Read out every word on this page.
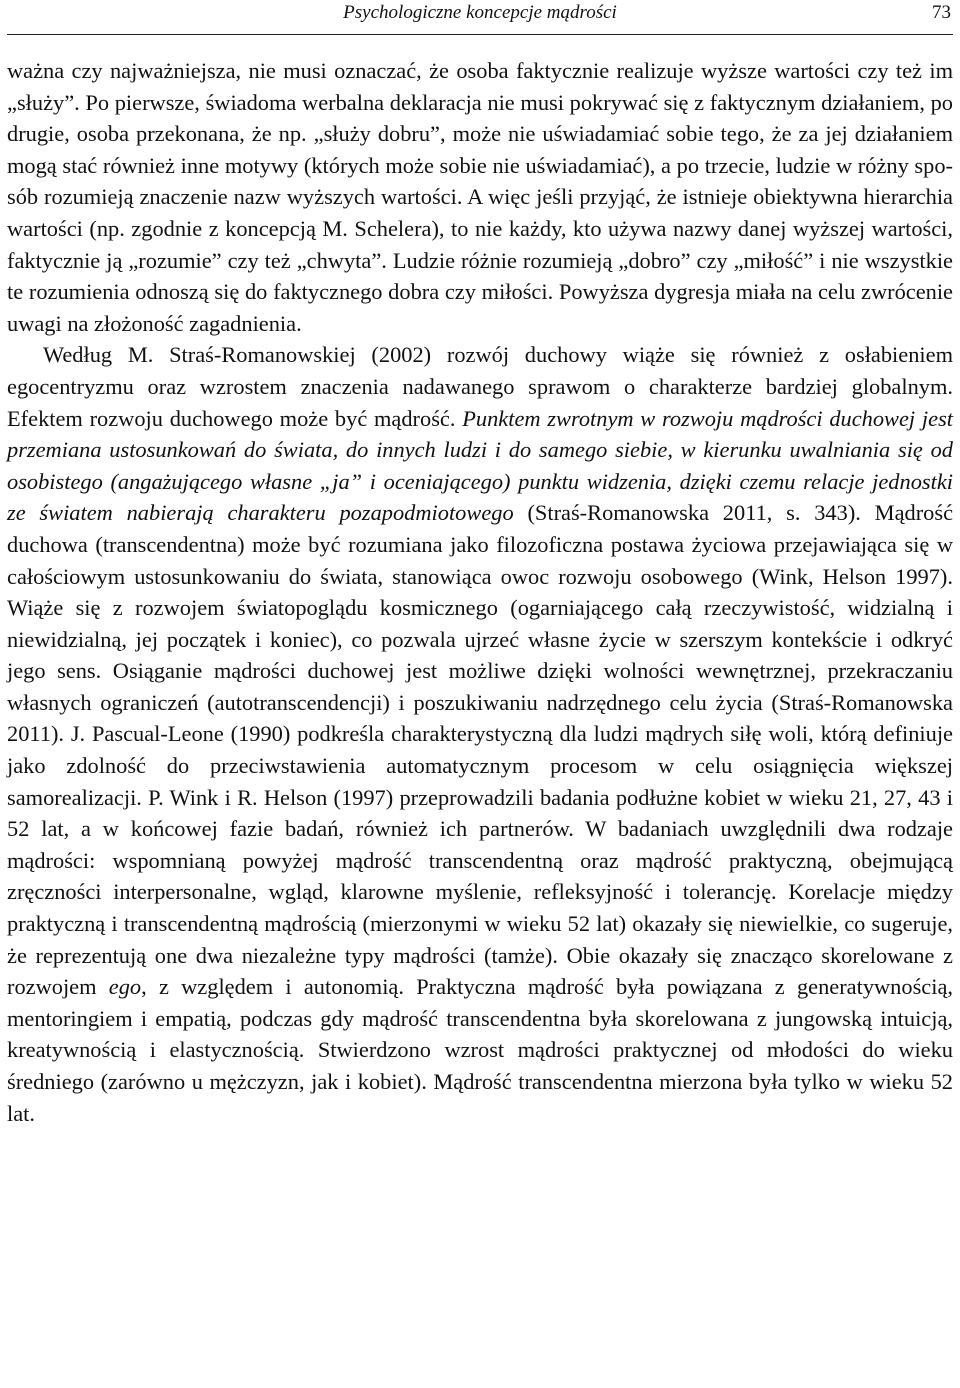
Psychologiczne koncepcje mądrości	73

ważna czy najważniejsza, nie musi oznaczać, że osoba faktycznie realizuje wyższe wartości czy też im „służy”. Po pierwsze, świadoma werbalna deklaracja nie musi pokrywać się z faktycznym działaniem, po drugie, osoba przekonana, że np. „służy dobru”, może nie uświadamiać sobie tego, że za jej działaniem mogą stać również inne motywy (których może sobie nie uświadamiać), a po trzecie, ludzie w różny sposób rozumieją znaczenie nazw wyższych wartości. A więc jeśli przyjąć, że istnieje obiektywna hierarchia wartości (np. zgodnie z koncepcją M. Schelera), to nie każdy, kto używa nazwy danej wyższej wartości, faktycznie ją „rozumie” czy też „chwyta”. Ludzie różnie rozumieją „dobro” czy „miłość” i nie wszystkie te rozumienia odnoszą się do faktycznego dobra czy miłości. Powyższa dygresja miała na celu zwrócenie uwagi na złożoność zagadnienia.

Według M. Straś-Romanowskiej (2002) rozwój duchowy wiąże się również z osłabieniem egocentryzmu oraz wzrostem znaczenia nadawanego sprawom o charakterze bardziej globalnym. Efektem rozwoju duchowego może być mądrość. Punktem zwrotnym w rozwoju mądrości duchowej jest przemiana ustosunkowań do świata, do innych ludzi i do samego siebie, w kierunku uwalniania się od osobistego (angażującego własne „ja” i oceniającego) punktu widzenia, dzięki czemu relacje jednostki ze światem nabierają charakteru pozapodmiotowego (Straś-Romanowska 2011, s. 343). Mądrość duchowa (transcendentna) może być rozumiana jako filozoficzna postawa życiowa przejawiająca się w całościowym ustosunkowaniu do świata, stanowiąca owoc rozwoju osobowego (Wink, Helson 1997). Wiąże się z rozwojem światopoglądu kosmicznego (ogarniającego całą rzeczywistość, widzialną i niewidzialną, jej początek i koniec), co pozwala ujrzeć własne życie w szerszym kontekście i odkryć jego sens. Osiąganie mądrości duchowej jest możliwe dzięki wolności wewnętrznej, przekraczaniu własnych ograniczeń (autotranscendencji) i poszukiwaniu nadrzędnego celu życia (Straś-Romanowska 2011). J. Pascual-Leone (1990) podkreśla charakterystyczną dla ludzi mądrych siłę woli, którą definiuje jako zdolność do przeciwstawienia automatycznym procesom w celu osiągnięcia większej samorealizacji. P. Wink i R. Helson (1997) przeprowadzili badania podłużne kobiet w wieku 21, 27, 43 i 52 lat, a w końcowej fazie badań, również ich partnerów. W badaniach uwzględnili dwa rodzaje mądrości: wspomnianą powyżej mądrość transcendentną oraz mądrość praktyczną, obejmującą zręczności interpersonalne, wgląd, klarowne myślenie, refleksyjność i tolerancję. Korelacje między praktyczną i transcendentną mądrością (mierzonymi w wieku 52 lat) okazały się niewielkie, co sugeruje, że reprezentują one dwa niezależne typy mądrości (tamże). Obie okazały się znacząco skorelowane z rozwojem ego, z względem i autonomią. Praktyczna mądrość była powiązana z generatywnością, mentoringiem i empatią, podczas gdy mądrość transcendentna była skorelowana z jungowską intuicją, kreatywnością i elastycznością. Stwierdzono wzrost mądrości praktycznej od młodości do wieku średniego (zarówno u mężczyzn, jak i kobiet). Mądrość transcendentna mierzona była tylko w wieku 52 lat.
